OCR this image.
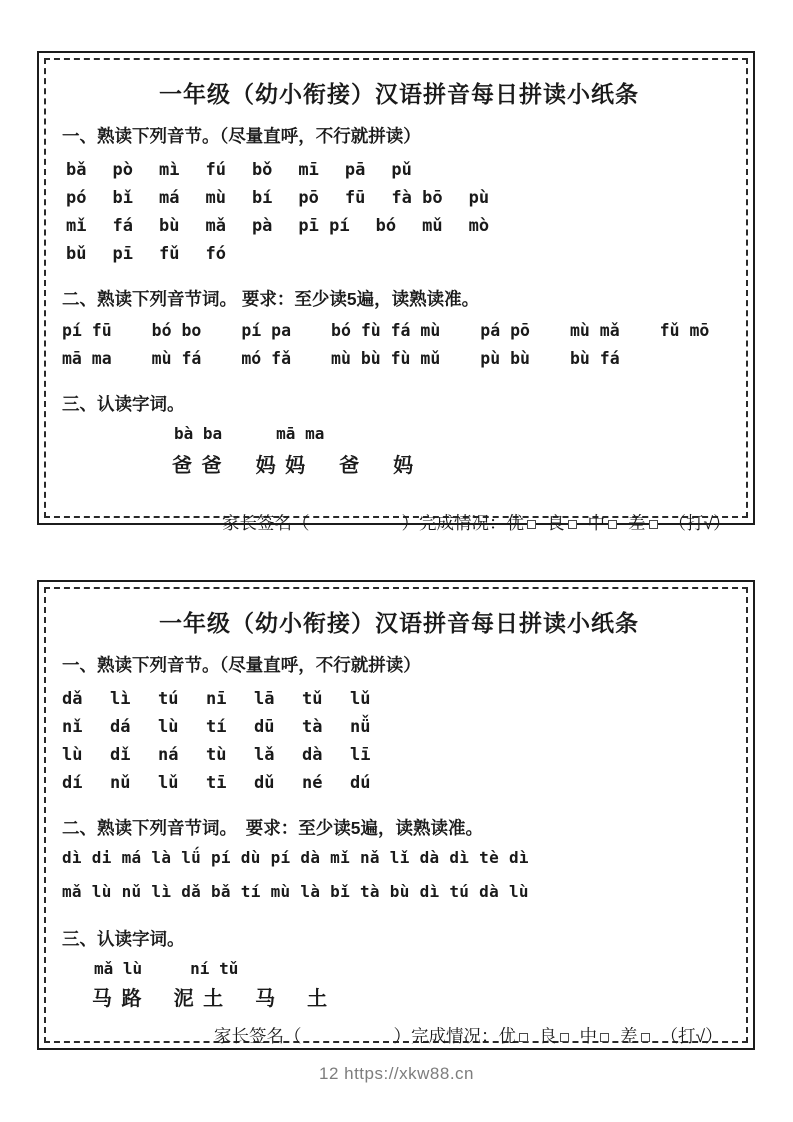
一年级（幼小衔接）汉语拼音每日拼读小纸条
一、熟读下列音节。（尽量直呼，不行就拼读）
bǎ pò mì fú bǒ mī pā pǔ
pó bǐ má mù bí pō fū fà bō pù
mǐ fá bù mǎ pà pī pí bó mǔ mò
bǔ pī fǔ fó
二、熟读下列音节词。 要求：至少读5遍，读熟读准。
pí fū bó bo pí pa bó fù fá mù pá pō mù mǎ fǔ mō
mā ma mù fá mó fǎ mù bù fù mǔ pù bù bù fá
三、认读字词。
bà ba	mā ma
爸 爸 妈 妈 爸 妈
家长签名（	）完成情况：优 良 中 差 （打√）
一年级（幼小衔接）汉语拼音每日拼读小纸条
一、熟读下列音节。（尽量直呼，不行就拼读）
dǎ	lì	tú	nī	lā	tǔ	lǔ
nǐ	dá	lù	tí	dū	tà	nǚ
lù	dǐ	ná	tù	lǎ	dà	lī
dí	nǔ	lǔ	tī	dǔ	né	dú
二、熟读下列音节词。　要求：至少读5遍，读熟读准。
dì di má là lǘ pí dù pí dà mǐ nǎ lǐ dà dì tè dì
mǎ lù nǔ lì dǎ bǎ tí mù là bǐ tà bù dì tú dà lù
三、认读字词。
mǎ lù	ní tǔ
马 路 泥 土 马 土
家长签名（	）完成情况：优 良 中 差 （打√）
12 https://xkw88.cn
